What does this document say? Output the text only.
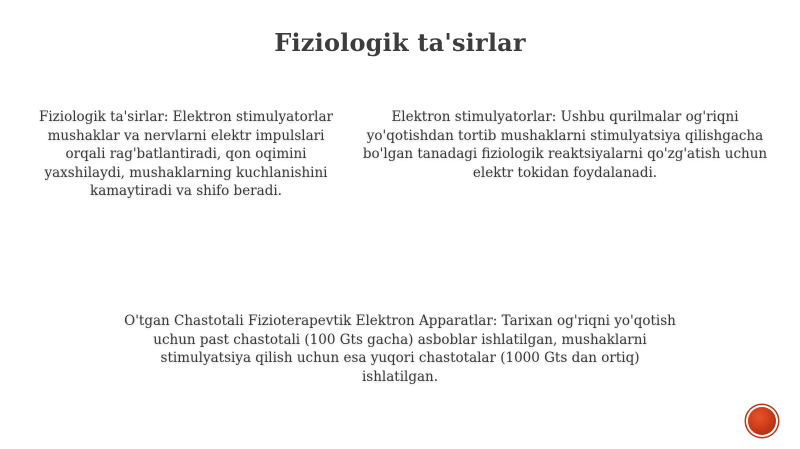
Fiziologik ta'sirlar
Fiziologik ta'sirlar: Elektron stimulyatorlar mushaklar va nervlarni elektr impulslari orqali rag'batlantiradi, qon oqimini yaxshilaydi, mushaklarning kuchlanishini kamaytiradi va shifo beradi.
Elektron stimulyatorlar: Ushbu qurilmalar og'riqni yo'qotishdan tortib mushaklarni stimulyatsiya qilishgacha bo'lgan tanadagi fiziologik reaktsiyalarni qo'zg'atish uchun elektr tokidan foydalanadi.
O'tgan Chastotali Fizioterapevtik Elektron Apparatlar: Tarixan og'riqni yo'qotish uchun past chastotali (100 Gts gacha) asboblar ishlatilgan, mushaklarni stimulyatsiya qilish uchun esa yuqori chastotalar (1000 Gts dan ortiq) ishlatilgan.
